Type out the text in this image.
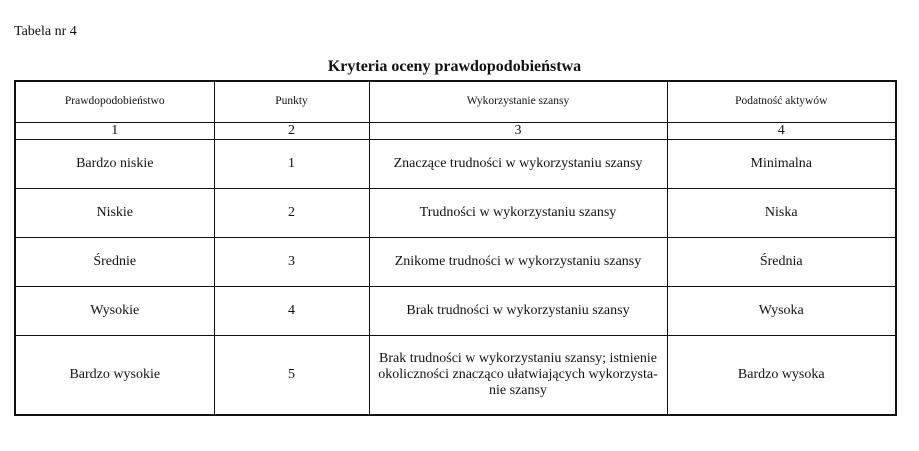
Tabela nr 4
Kryteria oceny prawdopodobieństwa
Prawdopodobieństwo	Punkty	Wykorzystanie szansy	Podatność aktywów
1	2	3	4
Bardzo niskie	1	Znaczące trudności w wykorzystaniu szansy	Minimalna
Niskie	2	Trudności w wykorzystaniu szansy	Niska
Średnie	3	Znikome trudności w wykorzystaniu szansy	Średnia
Wysokie	4	Brak trudności w wykorzystaniu szansy	Wysoka
Bardzo wysokie	5	Brak trudności w wykorzystaniu szansy; istnienie okoliczności znacząco ułatwiających wykorzysta-nie szansy	Bardzo wysoka
